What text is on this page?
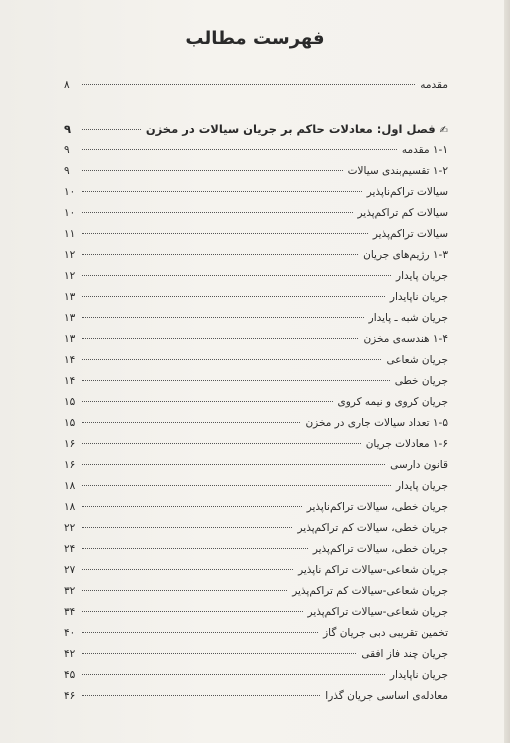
فهرست مطالب
مقدمه
۸
✍فصل اول: معادلات حاکم بر جریان سیالات در مخزن
۹
۱-۱ مقدمه
۹
۱-۲ تقسیم‌بندی سیالات
۹
سیالات تراکم‌ناپذیر
۱۰
سیالات کم تراکم‌پذیر
۱۰
سیالات تراکم‌پذیر
۱۱
۱-۳ رژیم‌های جریان
۱۲
جریان پایدار
۱۲
جریان ناپایدار
۱۳
جریان شبه ـ پایدار
۱۳
۱-۴ هندسه‌ی مخزن
۱۳
جریان شعاعی
۱۴
جریان خطی
۱۴
جریان کروی و نیمه کروی
۱۵
۱-۵ تعداد سیالات جاری در مخزن
۱۵
۱-۶ معادلات جریان
۱۶
قانون دارسی
۱۶
جریان پایدار
۱۸
جریان خطی، سیالات تراکم‌ناپذیر
۱۸
جریان خطی، سیالات کم تراکم‌پذیر
۲۲
جریان خطی، سیالات تراکم‌پذیر
۲۴
جریان شعاعی-سیالات تراکم ناپذیر
۲۷
جریان شعاعی-سیالات کم تراکم‌پذیر
۳۲
جریان شعاعی-سیالات تراکم‌پذیر
۳۴
تخمین تقریبی دبی جریان گاز
۴۰
جریان چند فاز افقی
۴۲
جریان ناپایدار
۴۵
معادله‌ی اساسی جریان گذرا
۴۶
